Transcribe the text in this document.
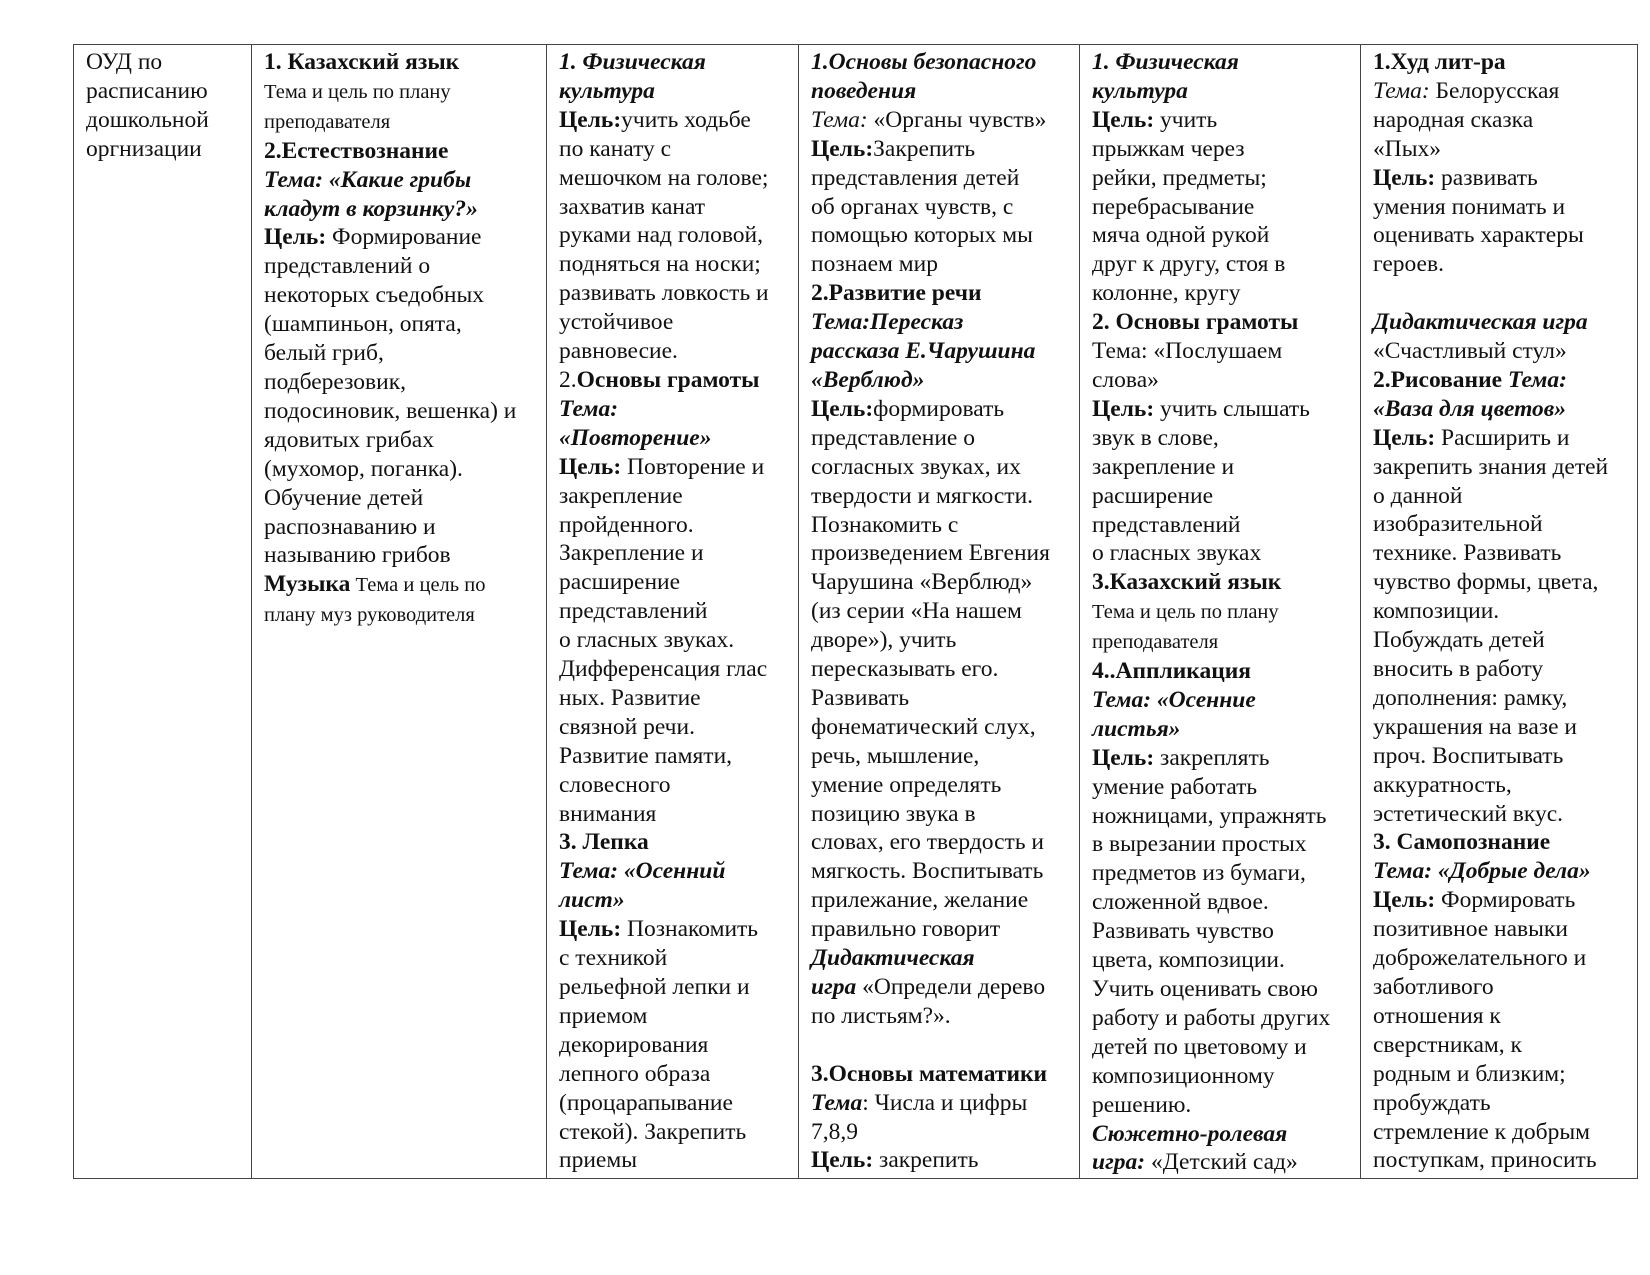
ОУД по
расписанию
дошкольной
оргнизации

1. Казахский язык
Тема и цель по плану
преподавателя
2.Естествознание
Тема: «Какие грибы
кладут в корзинку?»
Цель: Формирование
представлений о
некоторых съедобных
(шампиньон, опята,
белый гриб,
подберезовик,
подосиновик, вешенка) и
ядовитых грибах
(мухомор, поганка).
Обучение детей
распознаванию и
называнию грибов
Музыка Тема и цель по
плану муз руководителя

1. Физическая
культура
Цель:учить ходьбе
по канату с
мешочком на голове;
захватив канат
руками над головой,
подняться на носки;
развивать ловкость и
устойчивое
равновесие.
2.Основы грамоты
Тема:
«Повторение»
Цель: Повторение и
закрепление
пройденного.
Закрепление и
расширение
представлений
о гласных звуках.
Дифференсация глас
ных. Развитие
связной речи.
Развитие памяти,
словесного
внимания
3. Лепка
Тема: «Осенний
лист»
Цель: Познакомить
с техникой
рельефной лепки и
приемом
декорирования
лепного образа
(процарапывание
стекой). Закрепить
приемы

1.Основы безопасного
поведения
Тема: «Органы чувств»
Цель:Закрепить
представления детей
об органах чувств, с
помощью которых мы
познаем мир
2.Развитие речи
Тема:Пересказ
рассказа Е.Чарушина
«Верблюд»
Цель:формировать
представление о
согласных звуках, их
твердости и мягкости.
Познакомить с
произведением Евгения
Чарушина «Верблюд»
(из серии «На нашем
дворе»), учить
пересказывать его.
Развивать
фонематический слух,
речь, мышление,
умение определять
позицию звука в
словах, его твердость и
мягкость. Воспитывать
прилежание, желание
правильно говорит
Дидактическая
игра «Определи дерево
по листьям?».
3.Основы математики
Тема: Числа и цифры
7,8,9
Цель: закрепить

1. Физическая
культура
Цель: учить
прыжкам через
рейки, предметы;
перебрасывание
мяча одной рукой
друг к другу, стоя в
колонне, кругу
2. Основы грамоты
Тема: «Послушаем
слова»
Цель: учить слышать
звук в слове,
закрепление и
расширение
представлений
о гласных звуках
3.Казахский язык
Тема и цель по плану
преподавателя
4..Аппликация
Тема: «Осенние
листья»
Цель: закреплять
умение работать
ножницами, упражнять
в вырезании простых
предметов из бумаги,
сложенной вдвое.
Развивать чувство
цвета, композиции.
Учить оценивать свою
работу и работы других
детей по цветовому и
композиционному
решению.
Сюжетно-ролевая
игра: «Детский сад»

1.Худ лит-ра
Тема: Белорусская
народная сказка
«Пых»
Цель: развивать
умения понимать и
оценивать характеры
героев.
Дидактическая игра
«Счастливый стул»
2.Рисование Тема:
«Ваза для цветов»
Цель: Расширить и
закрепить знания детей
о данной
изобразительной
технике. Развивать
чувство формы, цвета,
композиции.
Побуждать детей
вносить в работу
дополнения: рамку,
украшения на вазе и
проч. Воспитывать
аккуратность,
эстетический вкус.
3. Самопознание
Тема: «Добрые дела»
Цель: Формировать
позитивное навыки
доброжелательного и
заботливого
отношения к
сверстникам, к
родным и близким;
пробуждать
стремление к добрым
поступкам, приносить
